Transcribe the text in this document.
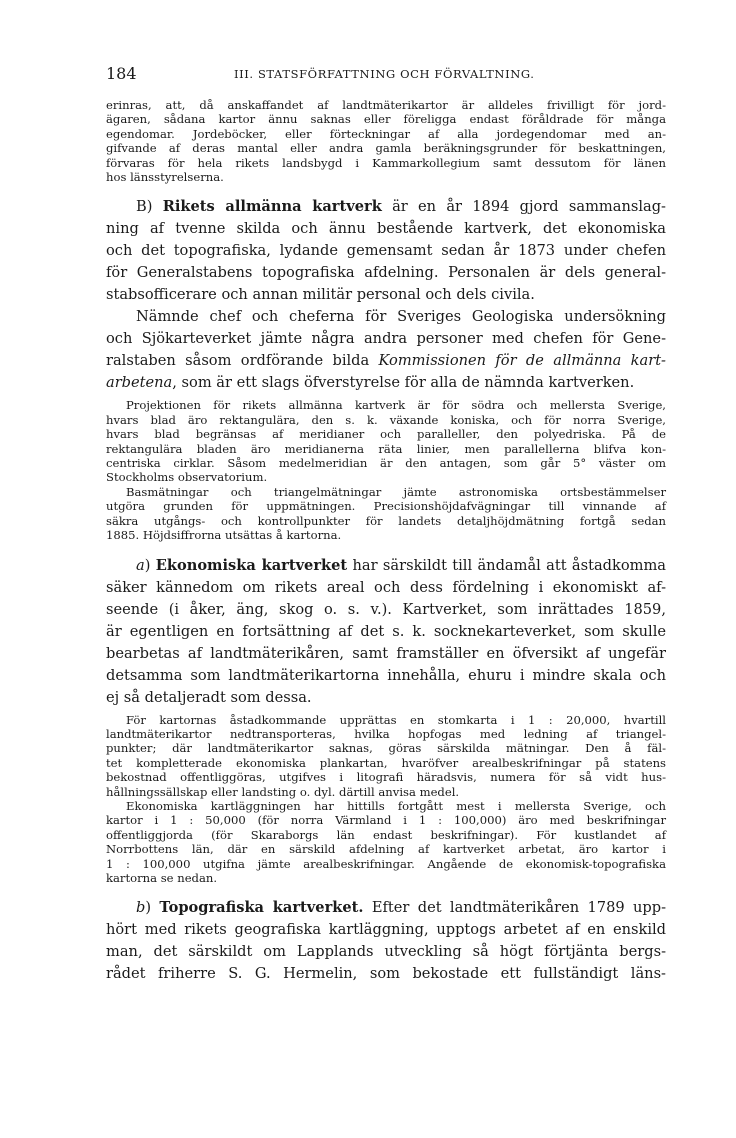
184	III. STATSFÖRFATTNING OCH FÖRVALTNING.
erinras, att, då anskaffandet af landtmäterikartor är alldeles frivilligt för jord-
ägaren, sådana kartor ännu saknas eller föreligga endast föråldrade för många
egendomar. Jordeböcker, eller förteckningar af alla jordegendomar med an-
gifvande af deras mantal eller andra gamla beräkningsgrunder för beskattningen,
förvaras för hela rikets landsbygd i Kammarkollegium samt dessutom för länen
hos länsstyrelserna.
B) Rikets allmänna kartverk är en år 1894 gjord sammanslag-
ning af tvenne skilda och ännu bestående kartverk, det ekonomiska
och det topografiska, lydande gemensamt sedan år 1873 under chefen
för Generalstabens topografiska afdelning. Personalen är dels general-
stabsofficerare och annan militär personal och dels civila.
Nämnde chef och cheferna för Sveriges Geologiska undersökning
och Sjökarteverket jämte några andra personer med chefen för Gene-
ralstaben såsom ordförande bilda Kommissionen för de allmänna kart-
arbetena, som är ett slags öfverstyrelse för alla de nämnda kartverken.
Projektionen för rikets allmänna kartverk är för södra och mellersta Sverige,
hvars blad äro rektangulära, den s. k. växande koniska, och för norra Sverige,
hvars blad begränsas af meridianer och paralleller, den polyedriska. På de
rektangulära bladen äro meridianerna räta linier, men parallellerna blifva kon-
centriska cirklar. Såsom medelmeridian är den antagen, som går 5° väster om
Stockholms observatorium.
Basmätningar och triangelmätningar jämte astronomiska ortsbestämmelser
utgöra grunden för uppmätningen. Precisionshöjdafvägningar till vinnande af
säkra utgångs- och kontrollpunkter för landets detaljhöjdmätning fortgå sedan
1885. Höjdsiffrorna utsättas å kartorna.
a) Ekonomiska kartverket har särskildt till ändamål att åstadkomma
säker kännedom om rikets areal och dess fördelning i ekonomiskt af-
seende (i åker, äng, skog o. s. v.). Kartverket, som inrättades 1859,
är egentligen en fortsättning af det s. k. socknekarteverket, som skulle
bearbetas af landtmäterikåren, samt framställer en öfversikt af ungefär
detsamma som landtmäterikartorna innehålla, ehuru i mindre skala och
ej så detaljeradt som dessa.
För kartornas åstadkommande upprättas en stomkarta i 1 : 20,000, hvartill
landtmäterikartor nedtransporteras, hvilka hopfogas med ledning af triangel-
punkter; där landtmäterikartor saknas, göras särskilda mätningar. Den å fäl-
tet kompletterade ekonomiska plankartan, hvaröfver arealbeskrifningar på statens
bekostnad offentliggöras, utgifves i litografi häradsvis, numera för så vidt hus-
hållningssällskap eller landsting o. dyl. därtill anvisa medel.
Ekonomiska kartläggningen har hittills fortgått mest i mellersta Sverige, och
kartor i 1 : 50,000 (för norra Värmland i 1 : 100,000) äro med beskrifningar
offentliggjorda (för Skaraborgs län endast beskrifningar). För kustlandet af
Norrbottens län, där en särskild afdelning af kartverket arbetat, äro kartor i
1 : 100,000 utgifna jämte arealbeskrifningar. Angående de ekonomisk-topografiska
kartorna se nedan.
b) Topografiska kartverket. Efter det landtmäterikåren 1789 upp-
hört med rikets geografiska kartläggning, upptogs arbetet af en enskild
man, det särskildt om Lapplands utveckling så högt förtjänta bergs-
rådet friherre S. G. Hermelin, som bekostade ett fullständigt läns-
